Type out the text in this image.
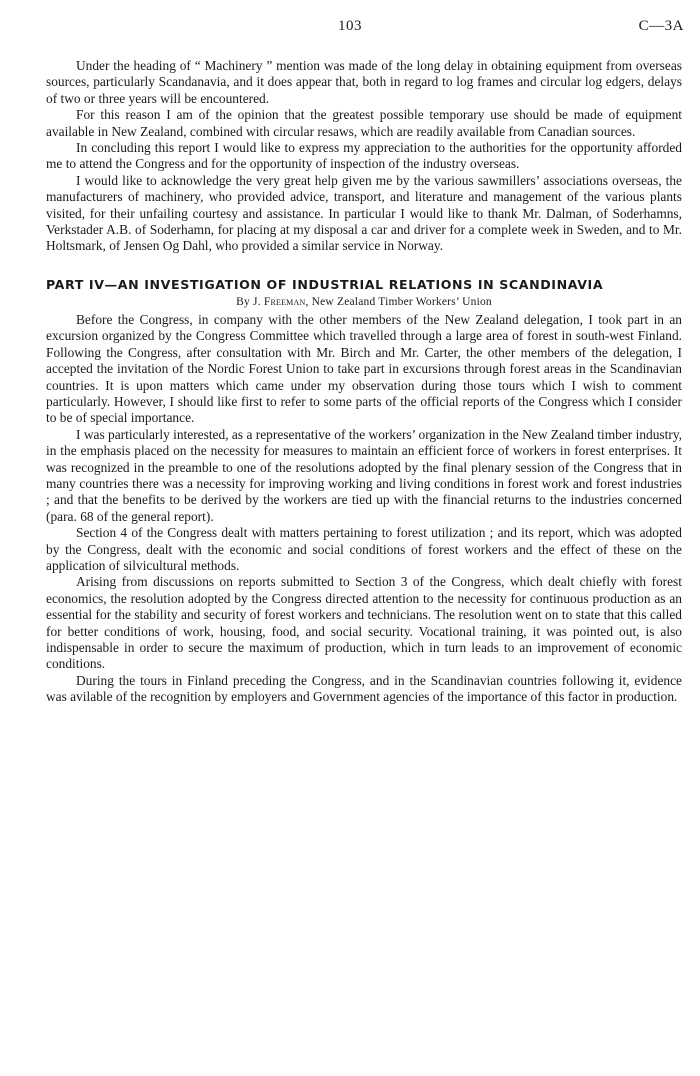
103	C—3A

Under the heading of “ Machinery ” mention was made of the long delay in obtaining equipment from overseas sources, particularly Scandanavia, and it does appear that, both in regard to log frames and circular log edgers, delays of two or three years will be encountered.

For this reason I am of the opinion that the greatest possible temporary use should be made of equipment available in New Zealand, combined with circular resaws, which are readily available from Canadian sources.

In concluding this report I would like to express my appreciation to the authorities for the opportunity afforded me to attend the Congress and for the opportunity of inspection of the industry overseas.

I would like to acknowledge the very great help given me by the various sawmillers’ associations overseas, the manufacturers of machinery, who provided advice, transport, and literature and management of the various plants visited, for their unfailing courtesy and assistance. In particular I would like to thank Mr. Dalman, of Soderhamns, Verkstader A.B. of Soderhamn, for placing at my disposal a car and driver for a complete week in Sweden, and to Mr. Holtsmark, of Jensen Og Dahl, who provided a similar service in Norway.

PART IV—AN INVESTIGATION OF INDUSTRIAL RELATIONS IN SCANDINAVIA

By J. Freeman, New Zealand Timber Workers’ Union

Before the Congress, in company with the other members of the New Zealand delegation, I took part in an excursion organized by the Congress Committee which travelled through a large area of forest in south-west Finland. Following the Congress, after consultation with Mr. Birch and Mr. Carter, the other members of the delegation, I accepted the invitation of the Nordic Forest Union to take part in excursions through forest areas in the Scandinavian countries. It is upon matters which came under my observation during those tours which I wish to comment particularly. However, I should like first to refer to some parts of the official reports of the Congress which I consider to be of special importance.

I was particularly interested, as a representative of the workers’ organization in the New Zealand timber industry, in the emphasis placed on the necessity for measures to maintain an efficient force of workers in forest enterprises. It was recognized in the preamble to one of the resolutions adopted by the final plenary session of the Congress that in many countries there was a necessity for improving working and living conditions in forest work and forest industries ; and that the benefits to be derived by the workers are tied up with the financial returns to the industries concerned (para. 68 of the general report).

Section 4 of the Congress dealt with matters pertaining to forest utilization ; and its report, which was adopted by the Congress, dealt with the economic and social conditions of forest workers and the effect of these on the application of silvicultural methods.

Arising from discussions on reports submitted to Section 3 of the Congress, which dealt chiefly with forest economics, the resolution adopted by the Congress directed attention to the necessity for continuous production as an essential for the stability and security of forest workers and technicians. The resolution went on to state that this called for better conditions of work, housing, food, and social security. Vocational training, it was pointed out, is also indispensable in order to secure the maximum of production, which in turn leads to an improvement of economic conditions.

During the tours in Finland preceding the Congress, and in the Scandinavian countries following it, evidence was avilable of the recognition by employers and Government agencies of the importance of this factor in production.
